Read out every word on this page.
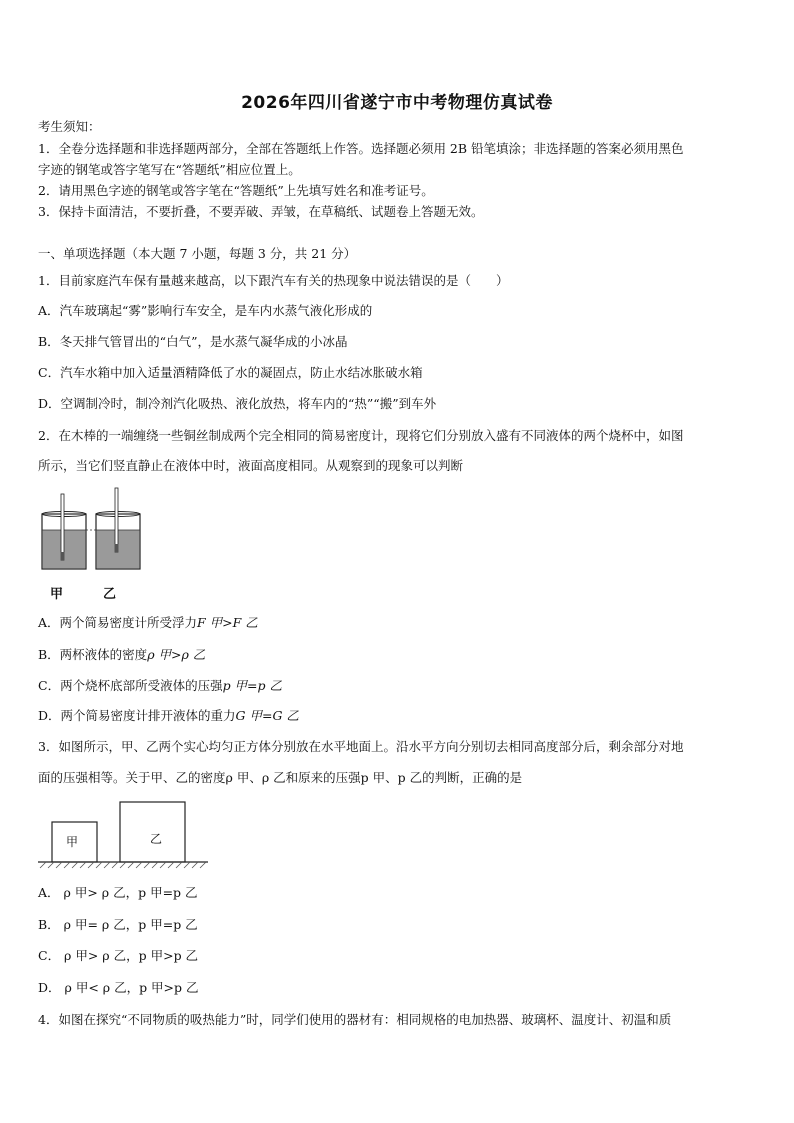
2026年四川省遂宁市中考物理仿真试卷
考生须知：
1．全卷分选择题和非选择题两部分，全部在答题纸上作答。选择题必须用 2B 铅笔填涂；非选择题的答案必须用黑色
字迹的钢笔或答字笔写在“答题纸”相应位置上。
2．请用黑色字迹的钢笔或答字笔在“答题纸”上先填写姓名和准考证号。
3．保持卡面清洁，不要折叠，不要弄破、弄皱，在草稿纸、试题卷上答题无效。
一、单项选择题（本大题 7 小题，每题 3 分，共 21 分）
1．目前家庭汽车保有量越来越高，以下跟汽车有关的热现象中说法错误的是（　　）
A．汽车玻璃起“雾”影响行车安全，是车内水蒸气液化形成的
B．冬天排气管冒出的“白气”，是水蒸气凝华成的小冰晶
C．汽车水箱中加入适量酒精降低了水的凝固点，防止水结冰胀破水箱
D．空调制冷时，制冷剂汽化吸热、液化放热，将车内的“热”“搬”到车外
2．在木棒的一端缠绕一些铜丝制成两个完全相同的简易密度计，现将它们分别放入盛有不同液体的两个烧杯中，如图
所示，当它们竖直静止在液体中时，液面高度相同。从观察到的现象可以判断
甲	乙
A．两个简易密度计所受浮力F 甲>F 乙
B．两杯液体的密度ρ 甲>ρ 乙
C．两个烧杯底部所受液体的压强p 甲=p 乙
D．两个简易密度计排开液体的重力G 甲=G 乙
3．如图所示，甲、乙两个实心均匀正方体分别放在水平地面上。沿水平方向分别切去相同高度部分后，剩余部分对地
面的压强相等。关于甲、乙的密度ρ 甲、ρ 乙和原来的压强p 甲、p 乙的判断，正确的是
甲	乙
A． ρ 甲> ρ 乙，p 甲=p 乙
B． ρ 甲= ρ 乙，p 甲=p 乙
C． ρ 甲> ρ 乙，p 甲>p 乙
D． ρ 甲< ρ 乙，p 甲>p 乙
4．如图在探究“不同物质的吸热能力”时，同学们使用的器材有：相同规格的电加热器、玻璃杯、温度计、初温和质
